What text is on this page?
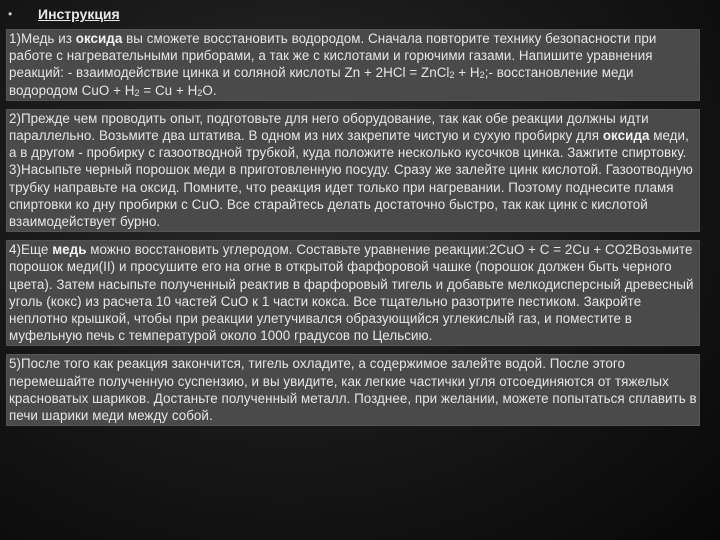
•	Инструкция

1)Медь из оксида вы сможете восстановить водородом. Сначала повторите технику безопасности при работе с нагревательными приборами, а так же с кислотами и горючими газами. Напишите уравнения реакций: - взаимодействие цинка и соляной кислоты Zn + 2HCl = ZnCl$_2$ + $H_2;-$ восстановление меди водородом CuO + $H_2 = Cu + H_2O$.

2)Прежде чем проводить опыт, подготовьте для него оборудование, так как обе реакции должны идти параллельно. Возьмите два штатива. В одном из них закрепите чистую и сухую пробирку для оксида меди, а в другом - пробирку с газоотводной трубкой, куда положите несколько кусочков цинка. Зажгите спиртовку.

3)Насыпьте черный порошок меди в приготовленную посуду. Сразу же залейте цинк кислотой. Газоотводную трубку направьте на оксид. Помните, что реакция идет только при нагревании. Поэтому поднесите пламя спиртовки ко дну пробирки с CuO. Все старайтесь делать достаточно быстро, так как цинк с кислотой взаимодействует бурно.

4)Еще медь можно восстановить углеродом. Составьте уравнение реакции:2CuO + C = 2Cu + CO2Возьмите порошок меди(II) и просушите его на огне в открытой фарфоровой чашке (порошок должен быть черного цвета). Затем насыпьте полученный реактив в фарфоровый тигель и добавьте мелкодисперсный древесный уголь (кокс) из расчета 10 частей CuO к 1 части кокса. Все тщательно разотрите пестиком. Закройте неплотно крышкой, чтобы при реакции улетучивался образующийся углекислый газ, и поместите в муфельную печь с температурой около 1000 градусов по Цельсию.

5)После того как реакция закончится, тигель охладите, а содержимое залейте водой. После этого перемешайте полученную суспензию, и вы увидите, как легкие частички угля отсоединяются от тяжелых красноватых шариков. Достаньте полученный металл. Позднее, при желании, можете попытаться сплавить в печи шарики меди между собой.
